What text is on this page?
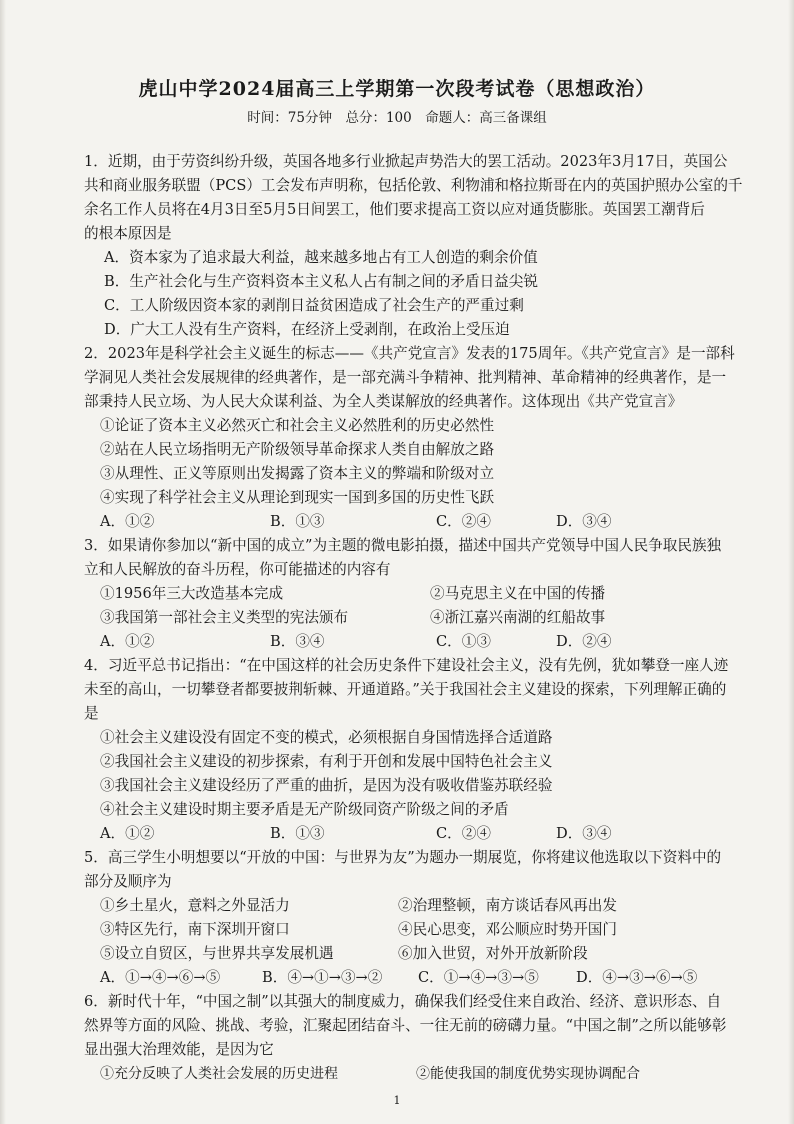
虎山中学2024届高三上学期第一次段考试卷（思想政治）
时间：75分钟　总分：100　命题人：高三备课组
1．近期，由于劳资纠纷升级，英国各地多行业掀起声势浩大的罢工活动。2023年3月17日，英国公
共和商业服务联盟（PCS）工会发布声明称，包括伦敦、利物浦和格拉斯哥在内的英国护照办公室的千
余名工作人员将在4月3日至5月5日间罢工，他们要求提高工资以应对通货膨胀。英国罢工潮背后
的根本原因是
A．资本家为了追求最大利益，越来越多地占有工人创造的剩余价值
B．生产社会化与生产资料资本主义私人占有制之间的矛盾日益尖锐
C．工人阶级因资本家的剥削日益贫困造成了社会生产的严重过剩
D．广大工人没有生产资料，在经济上受剥削，在政治上受压迫
2．2023年是科学社会主义诞生的标志——《共产党宣言》发表的175周年。《共产党宣言》是一部科
学洞见人类社会发展规律的经典著作，是一部充满斗争精神、批判精神、革命精神的经典著作，是一
部秉持人民立场、为人民大众谋利益、为全人类谋解放的经典著作。这体现出《共产党宣言》
①论证了资本主义必然灭亡和社会主义必然胜利的历史必然性
②站在人民立场指明无产阶级领导革命探求人类自由解放之路
③从理性、正义等原则出发揭露了资本主义的弊端和阶级对立
④实现了科学社会主义从理论到现实一国到多国的历史性飞跃
A．①②	B．①③	C．②④	D．③④
3．如果请你参加以“新中国的成立”为主题的微电影拍摄，描述中国共产党领导中国人民争取民族独
立和人民解放的奋斗历程，你可能描述的内容有
①1956年三大改造基本完成	②马克思主义在中国的传播
③我国第一部社会主义类型的宪法颁布	④浙江嘉兴南湖的红船故事
A．①②	B．③④	C．①③	D．②④
4．习近平总书记指出：“在中国这样的社会历史条件下建设社会主义，没有先例，犹如攀登一座人迹
未至的高山，一切攀登者都要披荆斩棘、开通道路。”关于我国社会主义建设的探索，下列理解正确的
是
①社会主义建设没有固定不变的模式，必须根据自身国情选择合适道路
②我国社会主义建设的初步探索，有利于开创和发展中国特色社会主义
③我国社会主义建设经历了严重的曲折，是因为没有吸收借鉴苏联经验
④社会主义建设时期主要矛盾是无产阶级同资产阶级之间的矛盾
A．①②	B．①③	C．②④	D．③④
5．高三学生小明想要以“开放的中国：与世界为友”为题办一期展览，你将建议他选取以下资料中的
部分及顺序为
①乡土星火，意料之外显活力	②治理整顿，南方谈话春风再出发
③特区先行，南下深圳开窗口	④民心思变，邓公顺应时势开国门
⑤设立自贸区，与世界共享发展机遇	⑥加入世贸，对外开放新阶段
A．①→④→⑥→⑤	B．④→①→③→② C．①→④→③→⑤	D．④→③→⑥→⑤
6．新时代十年，“中国之制”以其强大的制度威力，确保我们经受住来自政治、经济、意识形态、自
然界等方面的风险、挑战、考验，汇聚起团结奋斗、一往无前的磅礴力量。“中国之制”之所以能够彰
显出强大治理效能，是因为它
①充分反映了人类社会发展的历史进程	②能使我国的制度优势实现协调配合
1
